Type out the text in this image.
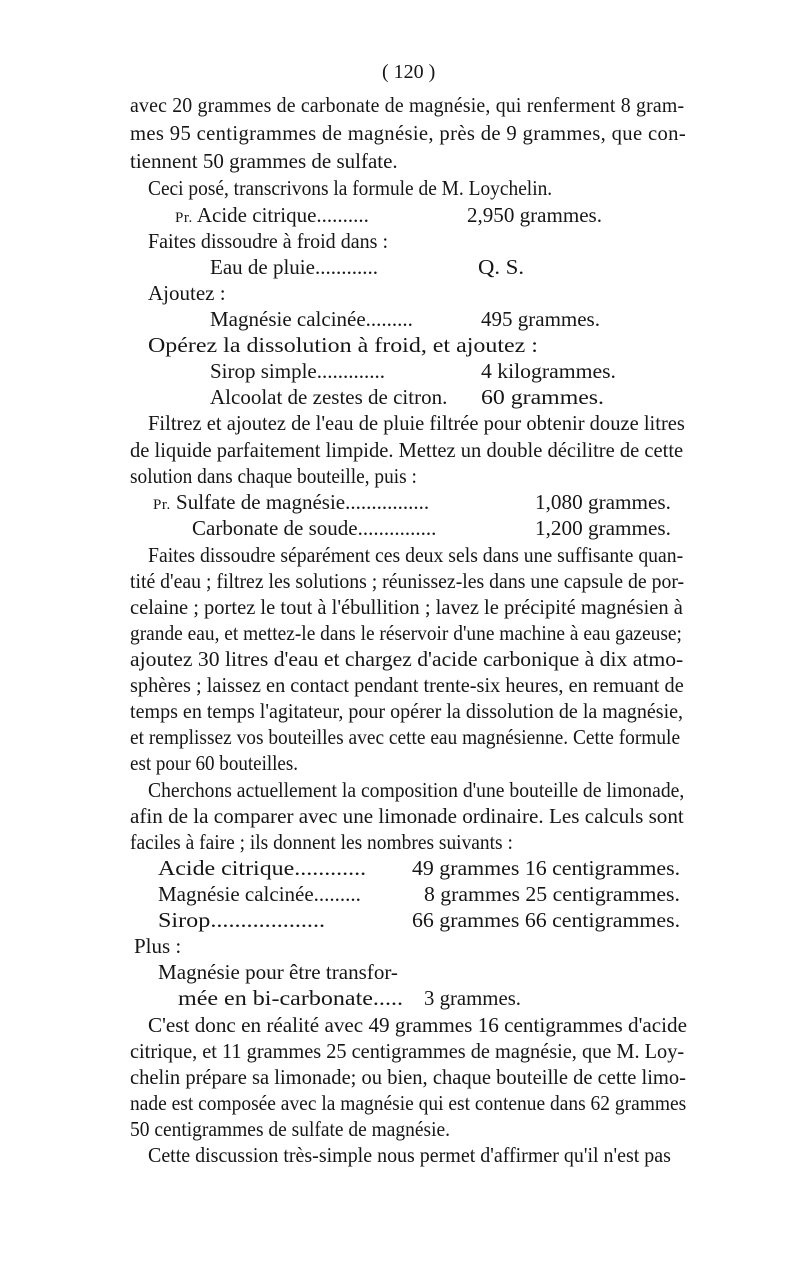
( 120 )
avec 20 grammes de carbonate de magnésie, qui renferment 8 gram-
mes 95 centigrammes de magnésie, près de 9 grammes, que con-
tiennent 50 grammes de sulfate.
Ceci posé, transcrivons la formule de M. Loychelin.
Pr. Acide citrique..........	2,950 grammes.
Faites dissoudre à froid dans :
Eau de pluie............	Q. S.
Ajoutez :
Magnésie calcinée.........	495 grammes.
Opérez la dissolution à froid, et ajoutez :
Sirop simple.............	4 kilogrammes.
Alcoolat de zestes de citron. 60 grammes.
Filtrez et ajoutez de l'eau de pluie filtrée pour obtenir douze litres
de liquide parfaitement limpide. Mettez un double décilitre de cette
solution dans chaque bouteille, puis :
Pr. Sulfate de magnésie................	1,080 grammes.
Carbonate de soude...............	1,200 grammes.
Faites dissoudre séparément ces deux sels dans une suffisante quan-
tité d'eau ; filtrez les solutions ; réunissez-les dans une capsule de por-
celaine ; portez le tout à l'ébullition ; lavez le précipité magnésien à
grande eau, et mettez-le dans le réservoir d'une machine à eau gazeuse;
ajoutez 30 litres d'eau et chargez d'acide carbonique à dix atmo-
sphères ; laissez en contact pendant trente-six heures, en remuant de
temps en temps l'agitateur, pour opérer la dissolution de la magnésie,
et remplissez vos bouteilles avec cette eau magnésienne. Cette formule
est pour 60 bouteilles.
Cherchons actuellement la composition d'une bouteille de limonade,
afin de la comparer avec une limonade ordinaire. Les calculs sont
faciles à faire ; ils donnent les nombres suivants :
Acide citrique............ 49 grammes 16 centigrammes.
Magnésie calcinée.........	8 grammes 25 centigrammes.
Sirop...................	66 grammes 66 centigrammes.
Plus :
Magnésie pour être transfor-
mée en bi-carbonate..... 3 grammes.
C'est donc en réalité avec 49 grammes 16 centigrammes d'acide
citrique, et 11 grammes 25 centigrammes de magnésie, que M. Loy-
chelin prépare sa limonade; ou bien, chaque bouteille de cette limo-
nade est composée avec la magnésie qui est contenue dans 62 grammes
50 centigrammes de sulfate de magnésie.
Cette discussion très-simple nous permet d'affirmer qu'il n'est pas
